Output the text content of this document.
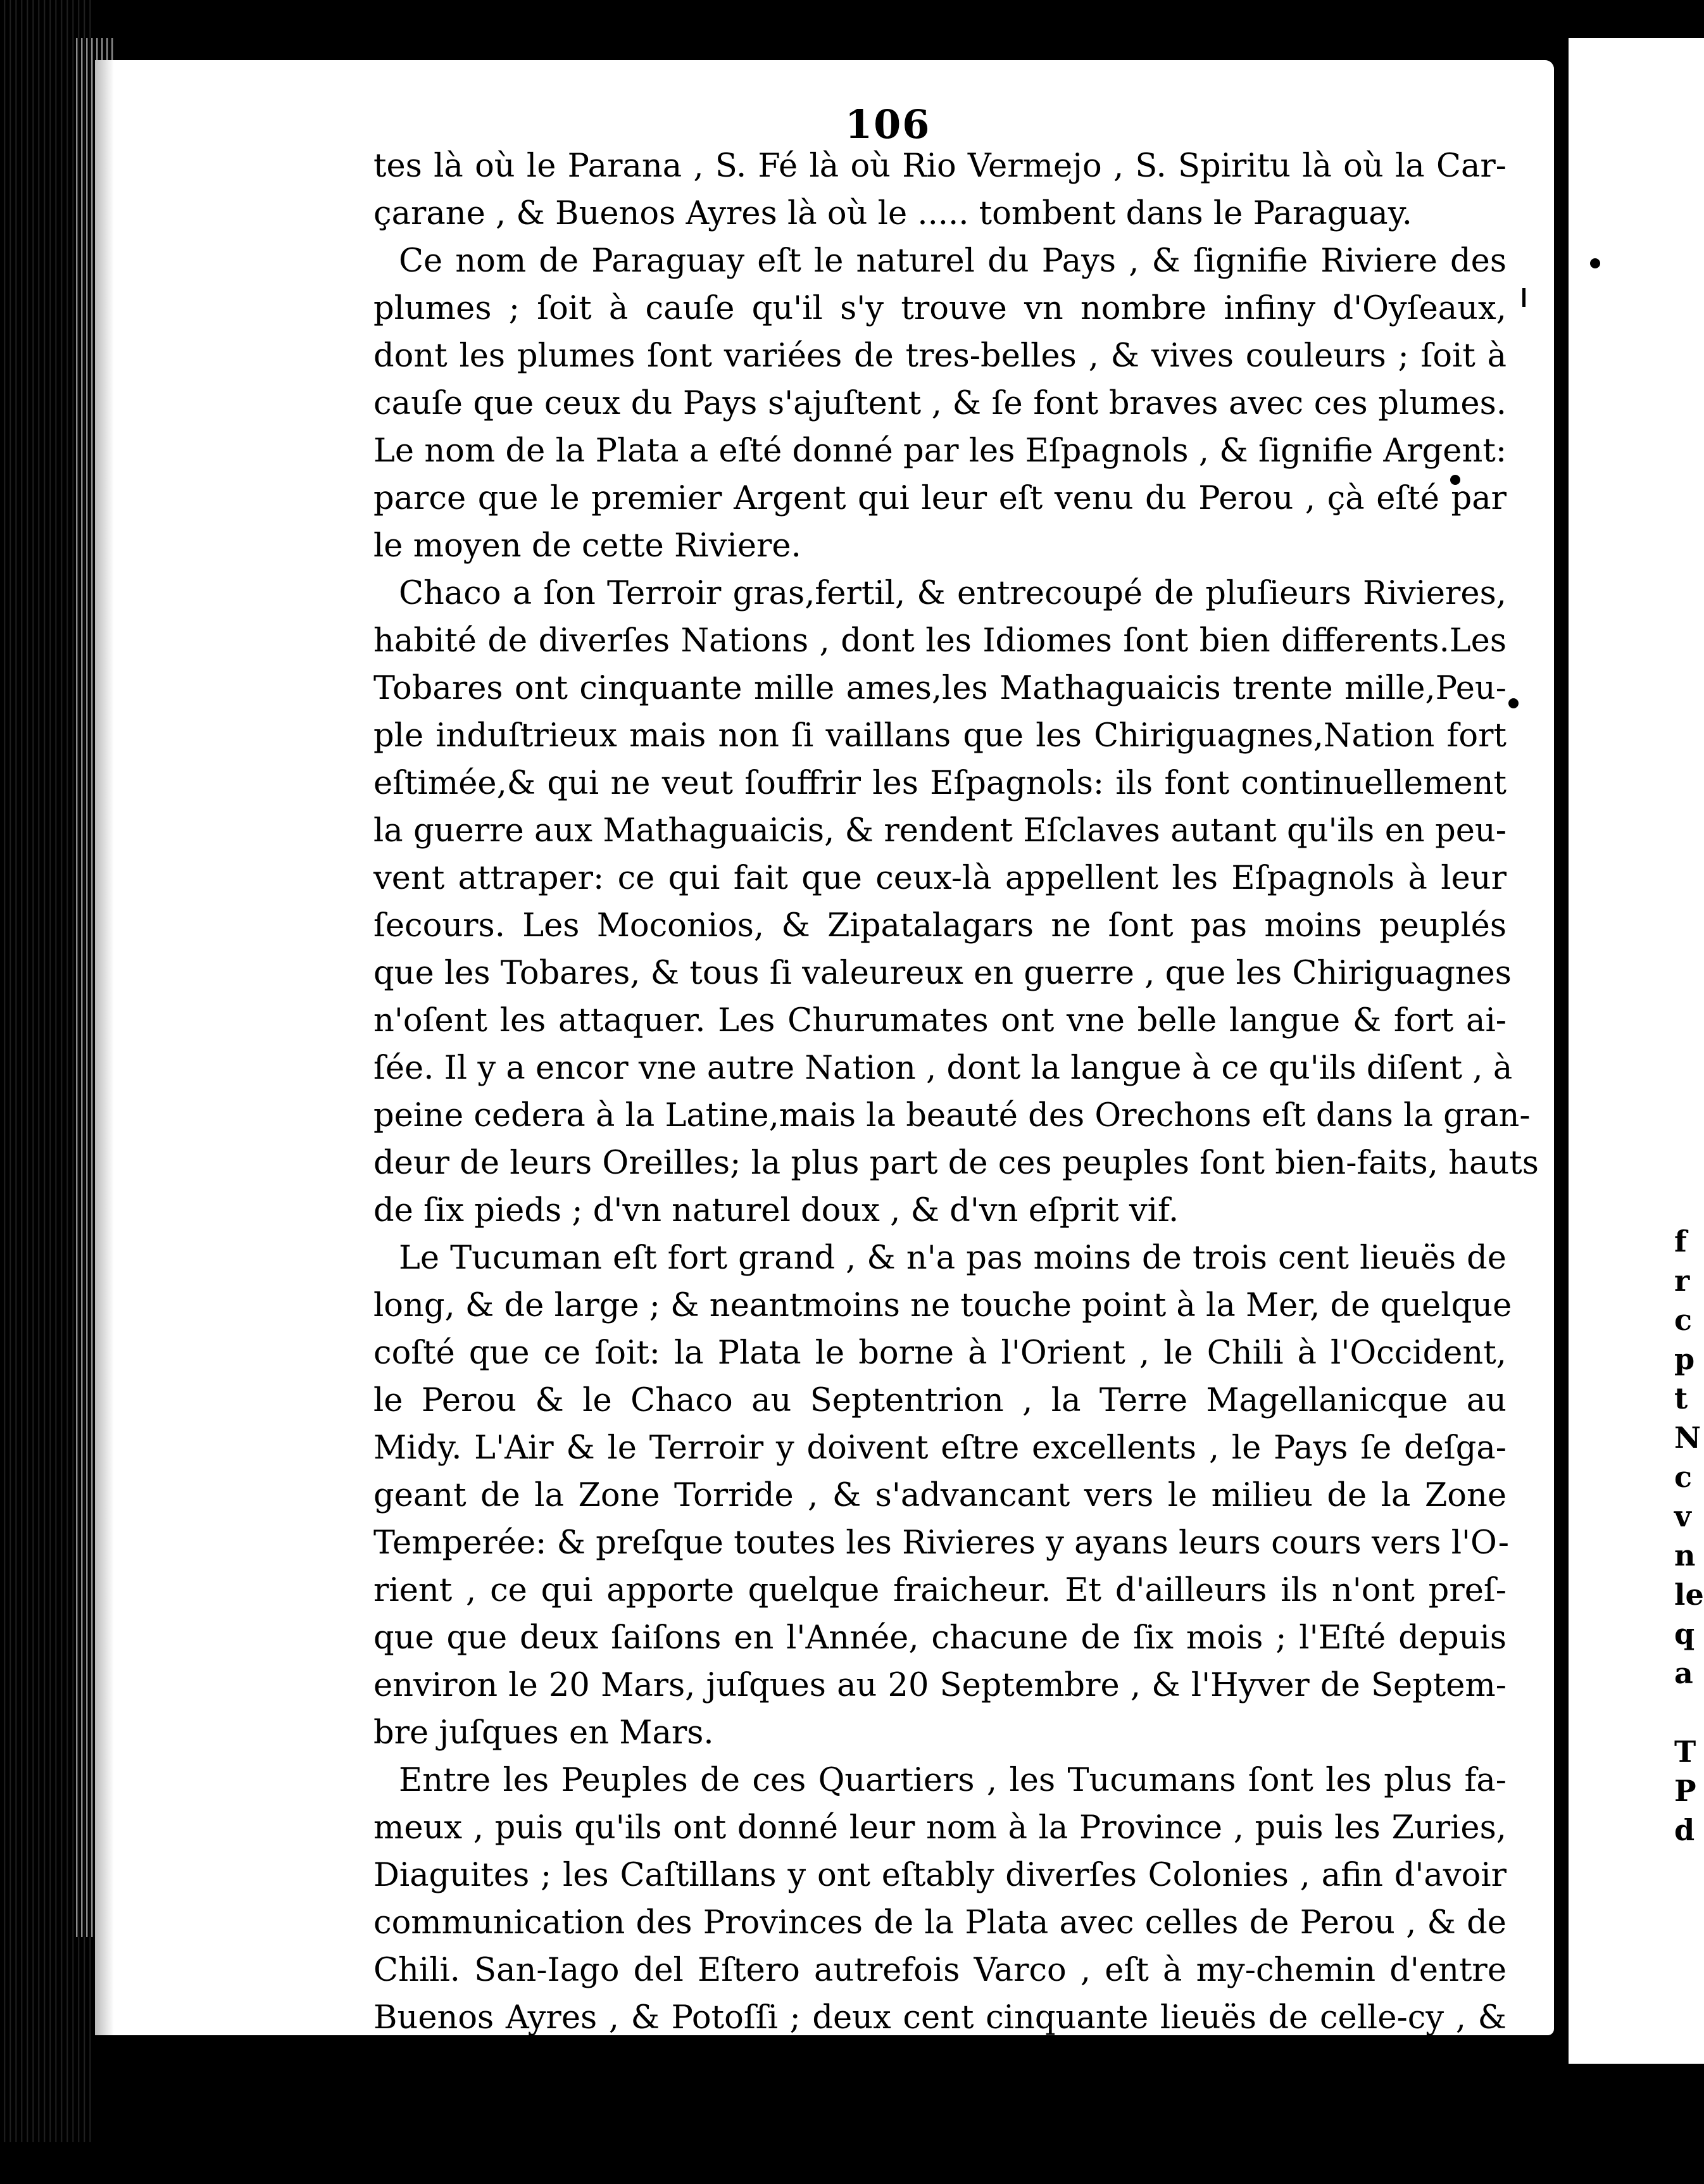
f
r
c
p
t
N
c
v
n
le
q
a

T
P
d
106
tes là où le Parana , S. Fé là où Rio Vermejo , S. Spiritu là où la Car-
çarane , & Buenos Ayres là où le ..... tombent dans le Paraguay.
Ce nom de Paraguay eſt le naturel du Pays , & ſignifie Riviere des
plumes ; ſoit à cauſe qu'il s'y trouve vn nombre infiny d'Oyſeaux,
dont les plumes ſont variées de tres-belles , & vives couleurs ; ſoit à
cauſe que ceux du Pays s'ajuſtent , & ſe font braves avec ces plumes.
Le nom de la Plata a eſté donné par les Eſpagnols , & ſignifie Argent:
parce que le premier Argent qui leur eſt venu du Perou , çà eſté par
le moyen de cette Riviere.
Chaco a ſon Terroir gras,fertil, & entrecoupé de pluſieurs Rivieres,
habité de diverſes Nations , dont les Idiomes ſont bien differents.Les
Tobares ont cinquante mille ames,les Mathaguaicis trente mille,Peu-
ple induſtrieux mais non ſi vaillans que les Chiriguagnes,Nation fort
eſtimée,& qui ne veut ſouffrir les Eſpagnols: ils font continuellement
la guerre aux Mathaguaicis, & rendent Eſclaves autant qu'ils en peu-
vent attraper: ce qui fait que ceux-là appellent les Eſpagnols à leur
ſecours. Les Moconios, & Zipatalagars ne ſont pas moins peuplés
que les Tobares, & tous ſi valeureux en guerre , que les Chiriguagnes
n'oſent les attaquer. Les Churumates ont vne belle langue & fort ai-
ſée. Il y a encor vne autre Nation , dont la langue à ce qu'ils diſent , à
peine cedera à la Latine,mais la beauté des Orechons eſt dans la gran-
deur de leurs Oreilles; la plus part de ces peuples ſont bien-faits, hauts
de ſix pieds ; d'vn naturel doux , & d'vn eſprit vif.
Le Tucuman eſt fort grand , & n'a pas moins de trois cent lieuës de
long, & de large ; & neantmoins ne touche point à la Mer, de quelque
coſté que ce ſoit: la Plata le borne à l'Orient , le Chili à l'Occident,
le Perou & le Chaco au Septentrion , la Terre Magellanicque au
Midy. L'Air & le Terroir y doivent eſtre excellents , le Pays ſe deſga-
geant de la Zone Torride , & s'advancant vers le milieu de la Zone
Temperée: & preſque toutes les Rivieres y ayans leurs cours vers l'O-
rient , ce qui apporte quelque fraicheur. Et d'ailleurs ils n'ont preſ-
que que deux ſaiſons en l'Année, chacune de ſix mois ; l'Eſté depuis
environ le 20 Mars, juſques au 20 Septembre , & l'Hyver de Septem-
bre juſques en Mars.
Entre les Peuples de ces Quartiers , les Tucumans ſont les plus fa-
meux , puis qu'ils ont donné leur nom à la Province , puis les Zuries,
Diaguites ; les Caſtillans y ont eſtably diverſes Colonies , afin d'avoir
communication des Provinces de la Plata avec celles de Perou , & de
Chili. San-Iago del Eſtero autrefois Varco , eſt à my-chemin d'entre
Buenos Ayres , & Potoſſi ; deux cent cinquante lieuës de celle-cy , &
peu moins de l'autre. Vn Eveſque , le Gouverneur de la Province , &
divers autres Officiers du Roy y demeurent. Le Terroir fournit de la
Laine , du Coton , de la Cochenille , du Guede , dont ils font & tein-
